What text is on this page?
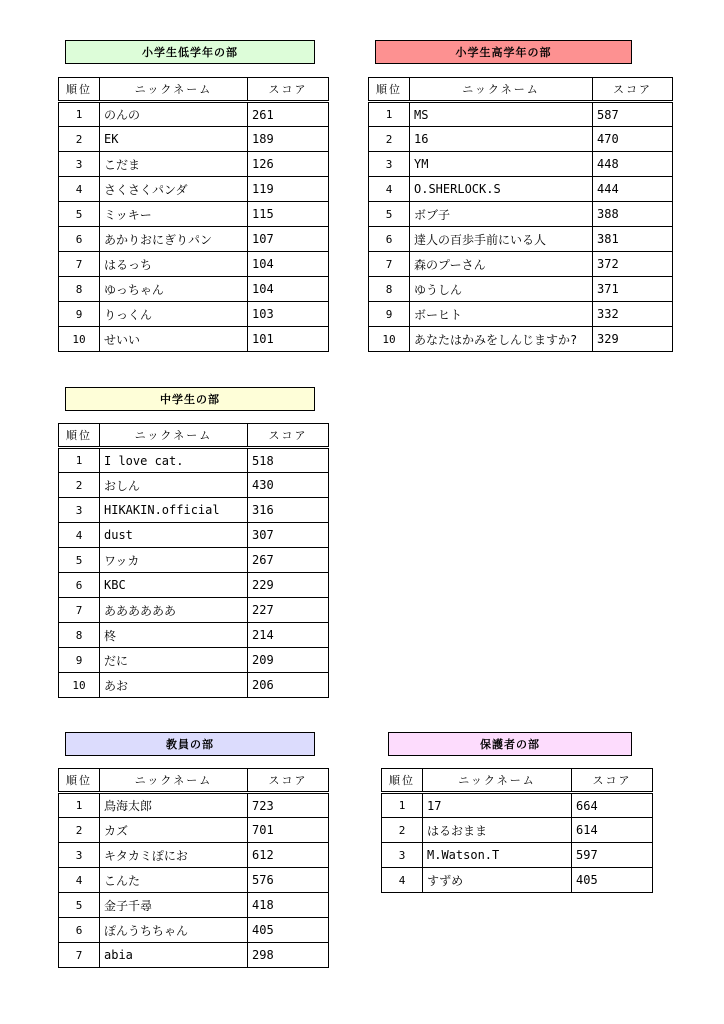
小学生低学年の部
順位	ニックネーム	スコア
1	のんの	261
2	EK	189
3	こだま	126
4	さくさくパンダ	119
5	ミッキー	115
6	あかりおにぎりパン	107
7	はるっち	104
8	ゆっちゃん	104
9	りっくん	103
10	せいい	101
小学生高学年の部
順位	ニックネーム	スコア
1	MS	587
2	16	470
3	YM	448
4	O.SHERLOCK.S	444
5	ボブ子	388
6	達人の百歩手前にいる人	381
7	森のプーさん	372
8	ゆうしん	371
9	ボーヒト	332
10	あなたはかみをしんじますか?	329
中学生の部
順位	ニックネーム	スコア
1	I love cat.	518
2	おしん	430
3	HIKAKIN.official	316
4	dust	307
5	ワッカ	267
6	KBC	229
7	ああああああ	227
8	柊	214
9	だに	209
10	あお	206
教員の部
順位	ニックネーム	スコア
1	鳥海太郎	723
2	カズ	701
3	キタカミぽにお	612
4	こんた	576
5	金子千尋	418
6	ぽんうちちゃん	405
7	abia	298
保護者の部
順位	ニックネーム	スコア
1	17	664
2	はるおまま	614
3	M.Watson.T	597
4	すずめ	405
